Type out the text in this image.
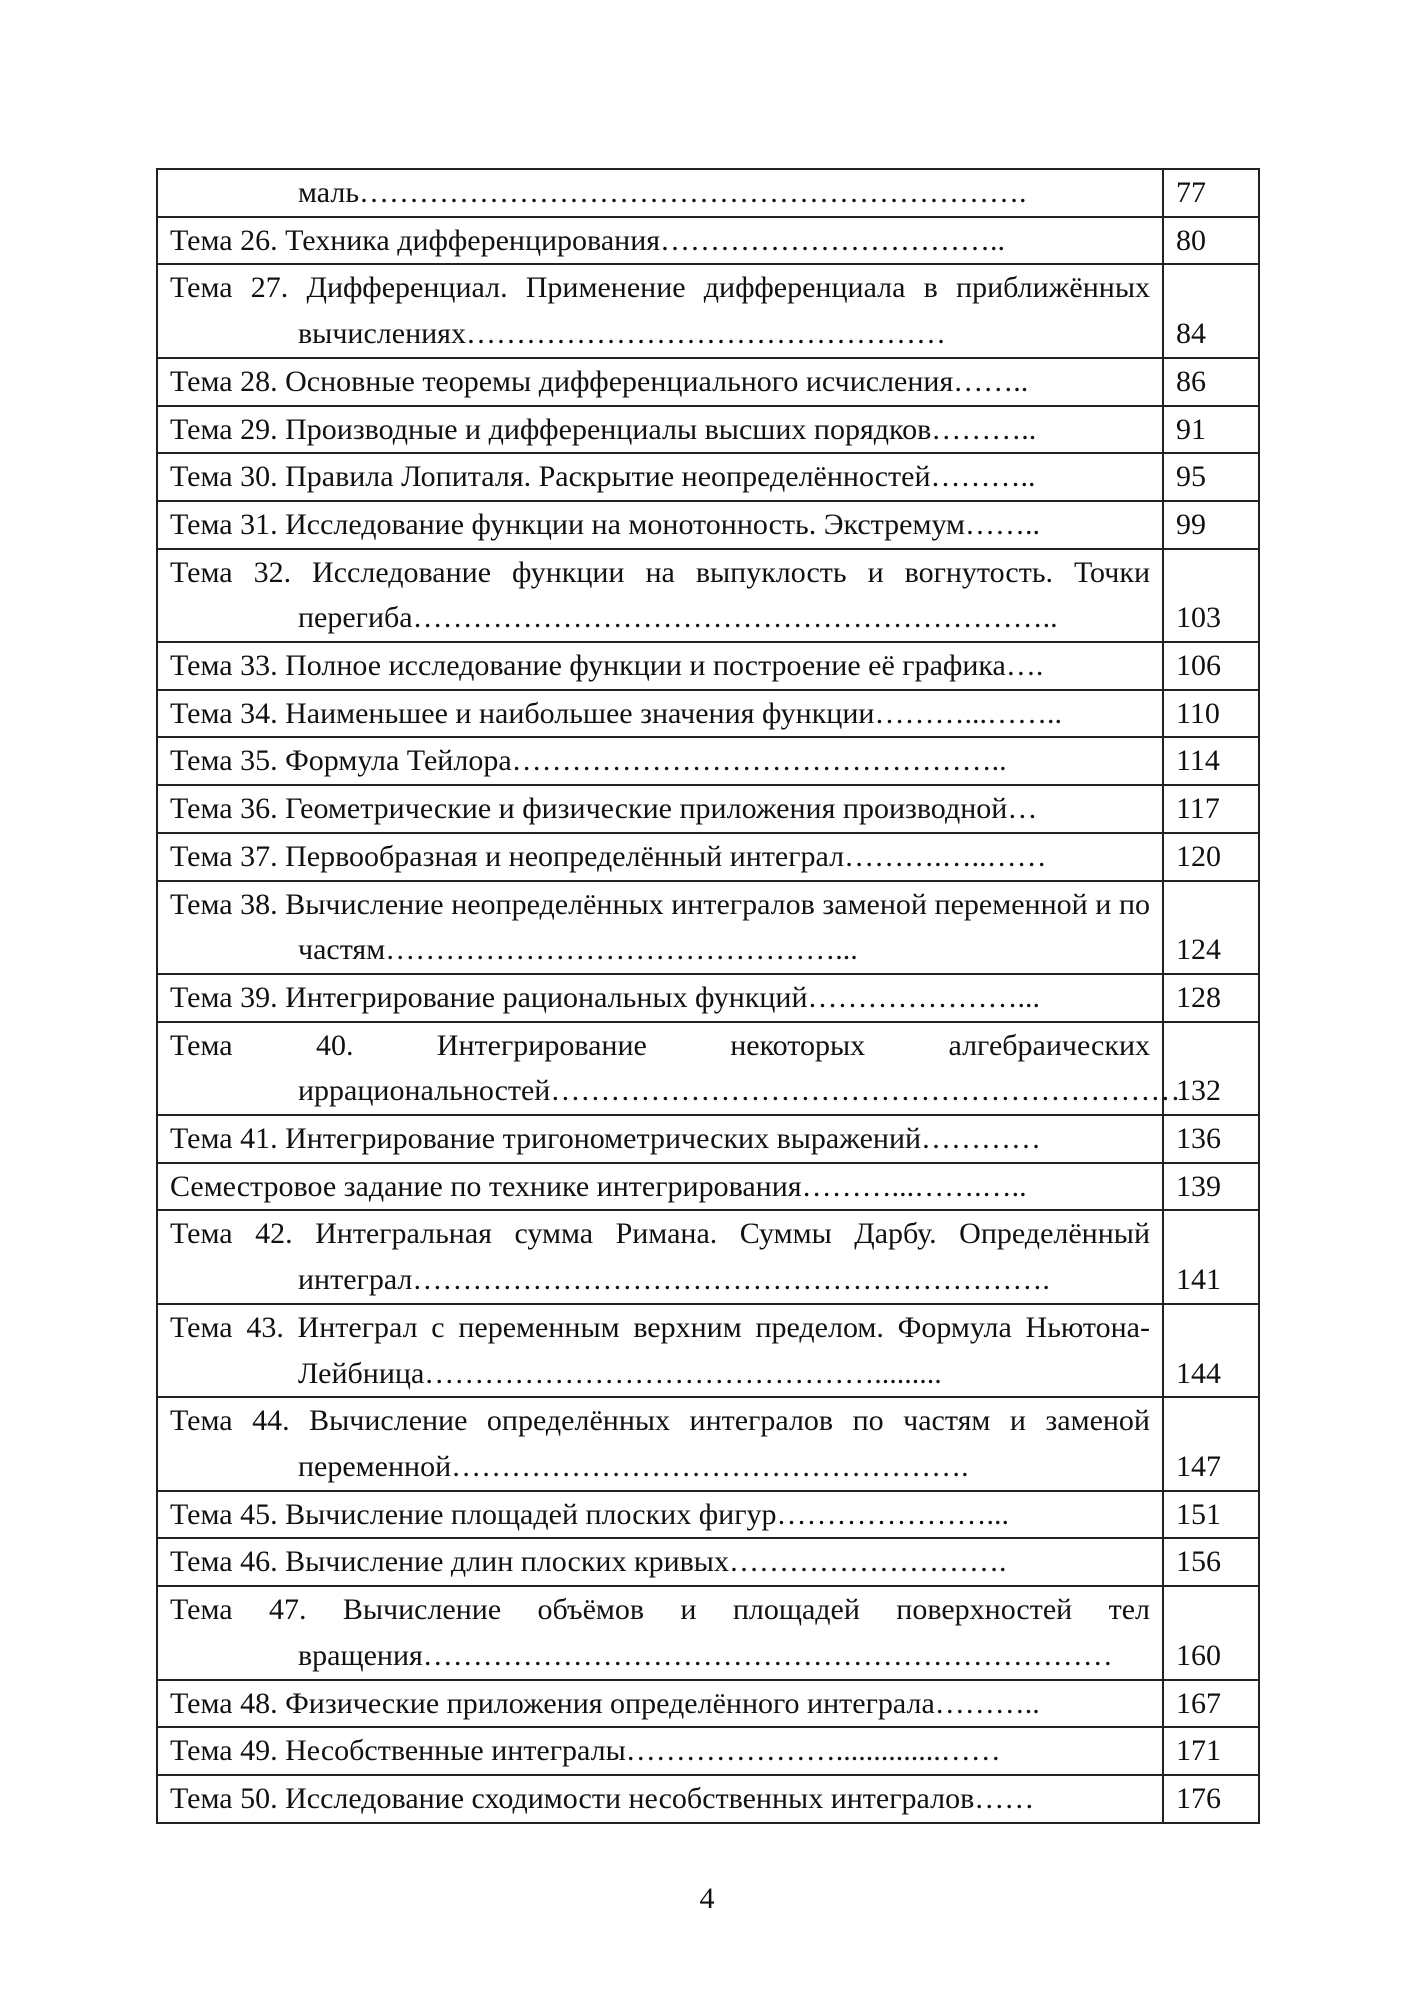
маль………………………………………………………….	77

Тема 26. Техника дифференцирования……………………………..	80

Тема 27. Дифференциал. Применение дифференциала в приближённых вычислениях…………………………………………	84

Тема 28. Основные теоремы дифференциального исчисления……..	86

Тема 29. Производные и дифференциалы высших порядков………..	91

Тема 30. Правила Лопиталя. Раскрытие неопределённостей………..	95

Тема 31. Исследование функции на монотонность. Экстремум……..	99

Тема 32. Исследование функции на выпуклость и вогнутость. Точки перегиба………………………………………………………..	103

Тема 33. Полное исследование функции и построение её графика….	106

Тема 34. Наименьшее и наибольшее значения функции………...……..	110

Тема 35. Формула Тейлора…………………………………………..	114

Тема 36. Геометрические и физические приложения производной…	117

Тема 37. Первообразная и неопределённый интеграл……….…..……	120

Тема 38. Вычисление неопределённых интегралов заменой переменной и по частям………………………………………...	124

Тема 39. Интегрирование рациональных функций…………………...	128

Тема 40. Интегрирование некоторых алгебраических иррациональностей……………………………………………………….	132

Тема 41. Интегрирование тригонометрических выражений…………	136

Семестровое задание по технике интегрирования………...…….…..	139

Тема 42. Интегральная сумма Римана. Суммы Дарбу. Определённый интеграл……………………………………………………….	141

Тема 43. Интеграл с переменным верхним пределом. Формула Ньютона-Лейбница……………………………………….........	144

Тема 44. Вычисление определённых интегралов по частям и заменой переменной…………………………………………….	147

Тема 45. Вычисление площадей плоских фигур…………………...	151

Тема 46. Вычисление длин плоских кривых……………………….	156

Тема 47. Вычисление объёмов и площадей поверхностей тел вращения……………………………………………………………	160

Тема 48. Физические приложения определённого интеграла………..	167

Тема 49. Несобственные интегралы…………………..............……	171

Тема 50. Исследование сходимости несобственных интегралов……	176
4
